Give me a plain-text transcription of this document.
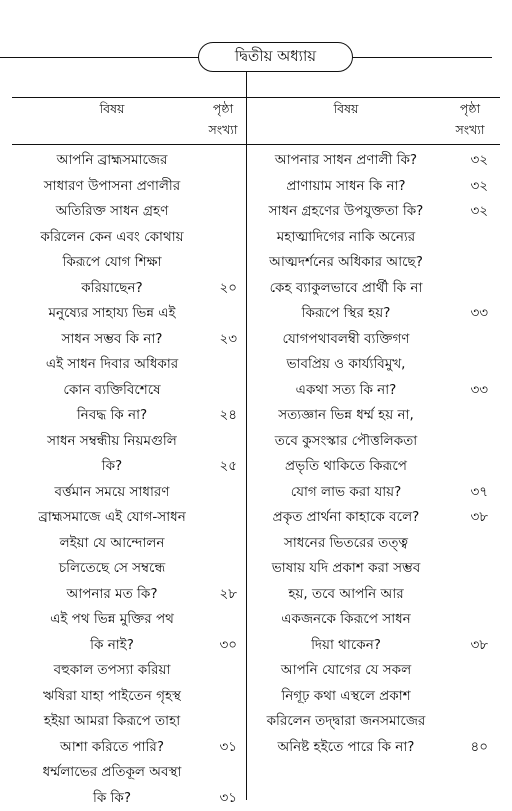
দ্বিতীয় অধ্যায়
বিষয়	পৃষ্ঠা
সংখ্যা
বিষয়	পৃষ্ঠা
সংখ্যা
আপনি ব্রাহ্মসমাজের
সাধারণ উপাসনা প্রণালীর
অতিরিক্ত সাধন গ্রহণ
করিলেন কেন এবং কোথায়
কিরূপে যোগ শিক্ষা
করিয়াছেন?	২০
মনুষ্যের সাহায্য ভিন্ন এই
সাধন সম্ভব কি না?	২৩
এই সাধন দিবার অধিকার
কোন ব্যক্তিবিশেষে
নিবদ্ধ কি না?	২৪
সাধন সম্বন্ধীয় নিয়মগুলি
কি?	২৫
বর্ত্তমান সময়ে সাধারণ
ব্রাহ্মসমাজে এই যোগ-সাধন
লইয়া যে আন্দোলন
চলিতেছে সে সম্বন্ধে
আপনার মত কি?	২৮
এই পথ ভিন্ন মুক্তির পথ
কি নাই?	৩০
বহুকাল তপস্যা করিয়া
ঋষিরা যাহা পাইতেন গৃহস্থ
হইয়া আমরা কিরূপে তাহা
আশা করিতে পারি?	৩১
ধর্ম্মলাভের প্রতিকূল অবস্থা
কি কি?	৩১
আপনার সাধন প্রণালী কি?	৩২
প্রাণায়াম সাধন কি না?	৩২
সাধন গ্রহণের উপযুক্ততা কি?	৩২
মহাত্মাদিগের নাকি অন্যের
আত্মদর্শনের অধিকার আছে?
কেহ ব্যাকুলভাবে প্রার্থী কি না
কিরূপে স্থির হয়?	৩৩
যোগপথাবলম্বী ব্যক্তিগণ
ভাবপ্রিয় ও কার্য্যবিমুখ,
একথা সত্য কি না?	৩৩
সত্যজ্ঞান ভিন্ন ধর্ম্ম হয় না,
তবে কুসংস্কার পৌত্তলিকতা
প্রভৃতি থাকিতে কিরূপে
যোগ লাভ করা যায়?	৩৭
প্রকৃত প্রার্থনা কাহাকে বলে?	৩৮
সাধনের ভিতরের তত্ত্ব
ভাষায় যদি প্রকাশ করা সম্ভব
হয়, তবে আপনি আর
একজনকে কিরূপে সাধন
দিয়া থাকেন?	৩৮
আপনি যোগের যে সকল
নিগূঢ় কথা এস্থলে প্রকাশ
করিলেন তদ্দ্বারা জনসমাজের
অনিষ্ট হইতে পারে কি না?	৪০
